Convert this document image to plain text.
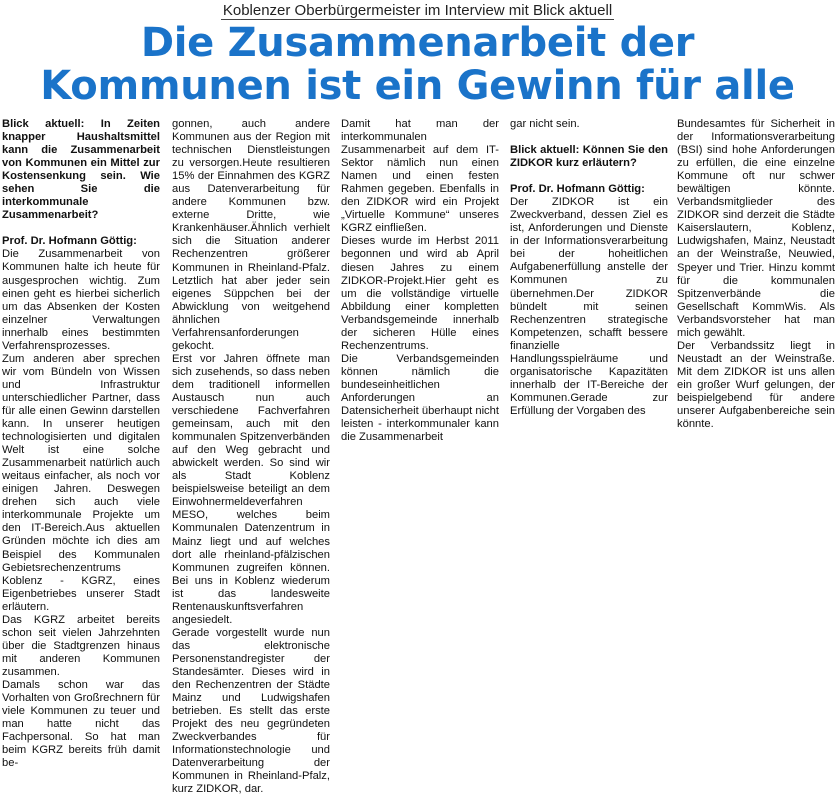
Koblenzer Oberbürgermeister im Interview mit Blick aktuell
Die Zusammenarbeit der
Kommunen ist ein Gewinn für alle

Blick aktuell: In Zeiten knapper Haushaltsmittel kann die Zusammenarbeit von Kommunen ein Mittel zur Kostensenkung sein. Wie sehen Sie die interkommunale Zusammenarbeit?

Prof. Dr. Hofmann Göttig:

Die Zusammenarbeit von Kommunen halte ich heute für ausgesprochen wichtig. Zum einen geht es hierbei sicherlich um das Absenken der Kosten einzelner Verwaltungen innerhalb eines bestimmten Verfahrensprozesses.

Zum anderen aber sprechen wir vom Bündeln von Wissen und Infrastruktur unterschiedlicher Partner, dass für alle einen Gewinn darstellen kann. In unserer heutigen technologisierten und digitalen Welt ist eine solche Zusammenarbeit natürlich auch weitaus einfacher, als noch vor einigen Jahren. Deswegen drehen sich auch viele interkommunale Projekte um den IT-Bereich.Aus aktuellen Gründen möchte ich dies am Beispiel des Kommunalen Gebietsrechenzentrums Koblenz - KGRZ, eines Eigenbetriebes unserer Stadt erläutern.

Das KGRZ arbeitet bereits schon seit vielen Jahrzehnten über die Stadtgrenzen hinaus mit anderen Kommunen zusammen.

Damals schon war das Vorhalten von Großrechnern für viele Kommunen zu teuer und man hatte nicht das Fachpersonal. So hat man beim KGRZ bereits früh damit be-

gonnen, auch andere Kommunen aus der Region mit technischen Dienstleistungen zu versorgen.Heute resultieren 15% der Einnahmen des KGRZ aus Datenverarbeitung für andere Kommunen bzw. externe Dritte, wie Krankenhäuser.Ähnlich verhielt sich die Situation anderer Rechenzentren größerer Kommunen in Rheinland-Pfalz. Letztlich hat aber jeder sein eigenes Süppchen bei der Abwicklung von weitgehend ähnlichen Verfahrensanforderungen gekocht.

Erst vor Jahren öffnete man sich zusehends, so dass neben dem traditionell informellen Austausch nun auch verschiedene Fachverfahren gemeinsam, auch mit den kommunalen Spitzenverbänden auf den Weg gebracht und abwickelt werden. So sind wir als Stadt Koblenz beispielsweise beteiligt an dem Einwohnermeldeverfahren MESO, welches beim Kommunalen Datenzentrum in Mainz liegt und auf welches dort alle rheinland-pfälzischen Kommunen zugreifen können. Bei uns in Koblenz wiederum ist das landesweite Rentenauskunftsverfahren angesiedelt.

Gerade vorgestellt wurde nun das elektronische Personenstandregister der Standesämter. Dieses wird in den Rechenzentren der Städte Mainz und Ludwigshafen betrieben. Es stellt das erste Projekt des neu gegründeten Zweckverbandes für Informationstechnologie und Datenverarbeitung der Kommunen in Rheinland-Pfalz, kurz ZIDKOR, dar.

Damit hat man der interkommunalen Zusammenarbeit auf dem IT-Sektor nämlich nun einen Namen und einen festen Rahmen gegeben. Ebenfalls in den ZIDKOR wird ein Projekt „Virtuelle Kommune“ unseres KGRZ einfließen.

Dieses wurde im Herbst 2011 begonnen und wird ab April diesen Jahres zu einem ZIDKOR-Projekt.Hier geht es um die vollständige virtuelle Abbildung einer kompletten Verbandsgemeinde innerhalb der sicheren Hülle eines Rechenzentrums.

Die Verbandsgemeinden können nämlich die bundeseinheitlichen Anforderungen an Datensicherheit überhaupt nicht leisten - interkommunaler kann die Zusammenarbeit

gar nicht sein.

Blick aktuell: Können Sie den ZIDKOR kurz erläutern?

Prof. Dr. Hofmann Göttig:

Der ZIDKOR ist ein Zweckverband, dessen Ziel es ist, Anforderungen und Dienste in der Informationsverarbeitung bei der hoheitlichen Aufgabenerfüllung anstelle der Kommunen zu übernehmen.Der ZIDKOR bündelt mit seinen Rechenzentren strategische Kompetenzen, schafft bessere finanzielle Handlungsspielräume und organisatorische Kapazitäten innerhalb der IT-Bereiche der Kommunen.Gerade zur Erfüllung der Vorgaben des

Bundesamtes für Sicherheit in der Informationsverarbeitung (BSI) sind hohe Anforderungen zu erfüllen, die eine einzelne Kommune oft nur schwer bewältigen könnte. Verbandsmitglieder des ZIDKOR sind derzeit die Städte Kaiserslautern, Koblenz, Ludwigshafen, Mainz, Neustadt an der Weinstraße, Neuwied, Speyer und Trier. Hinzu kommt für die kommunalen Spitzenverbände die Gesellschaft KommWis. Als Verbandsvorsteher hat man mich gewählt.

Der Verbandssitz liegt in Neustadt an der Weinstraße. Mit dem ZIDKOR ist uns allen ein großer Wurf gelungen, der beispielgebend für andere unserer Aufgabenbereiche sein könnte.
